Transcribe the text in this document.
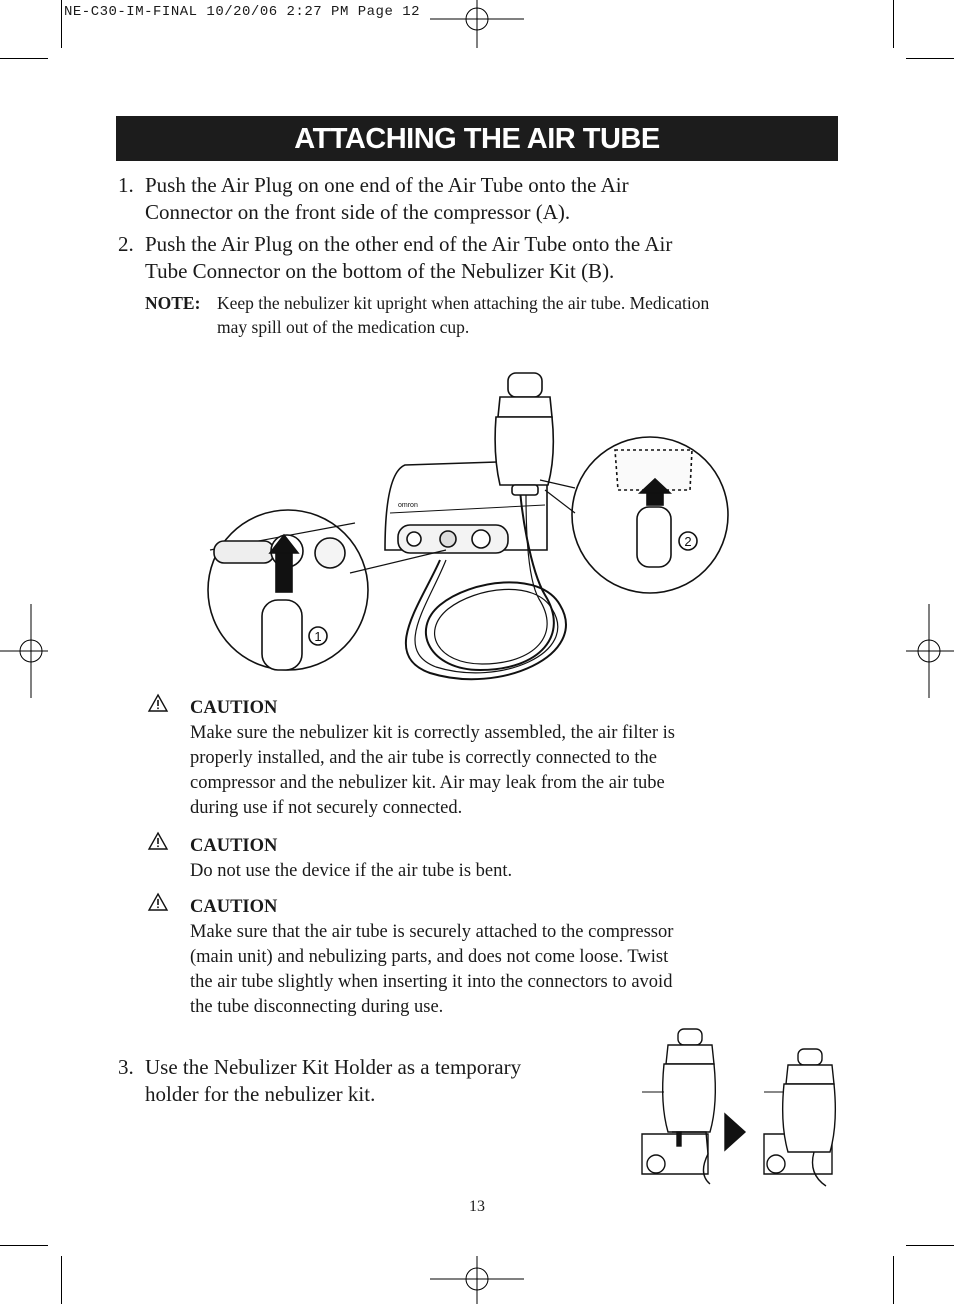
NE-C30-IM-FINAL 10/20/06 2:27 PM Page 12
ATTACHING THE AIR TUBE
1. Push the Air Plug on one end of the Air Tube onto the Air
Connector on the front side of the compressor (A).
2. Push the Air Plug on the other end of the Air Tube onto the Air
Tube Connector on the bottom of the Nebulizer Kit (B).
NOTE: Keep the nebulizer kit upright when attaching the air tube. Medication
may spill out of the medication cup.
omron
1
2
CAUTION
Make sure the nebulizer kit is correctly assembled, the air filter is
properly installed, and the air tube is correctly connected to the
compressor and the nebulizer kit. Air may leak from the air tube
during use if not securely connected.
CAUTION
Do not use the device if the air tube is bent.
CAUTION
Make sure that the air tube is securely attached to the compressor
(main unit) and nebulizing parts, and does not come loose. Twist
the air tube slightly when inserting it into the connectors to avoid
the tube disconnecting during use.
3. Use the Nebulizer Kit Holder as a temporary
holder for the nebulizer kit.
13
